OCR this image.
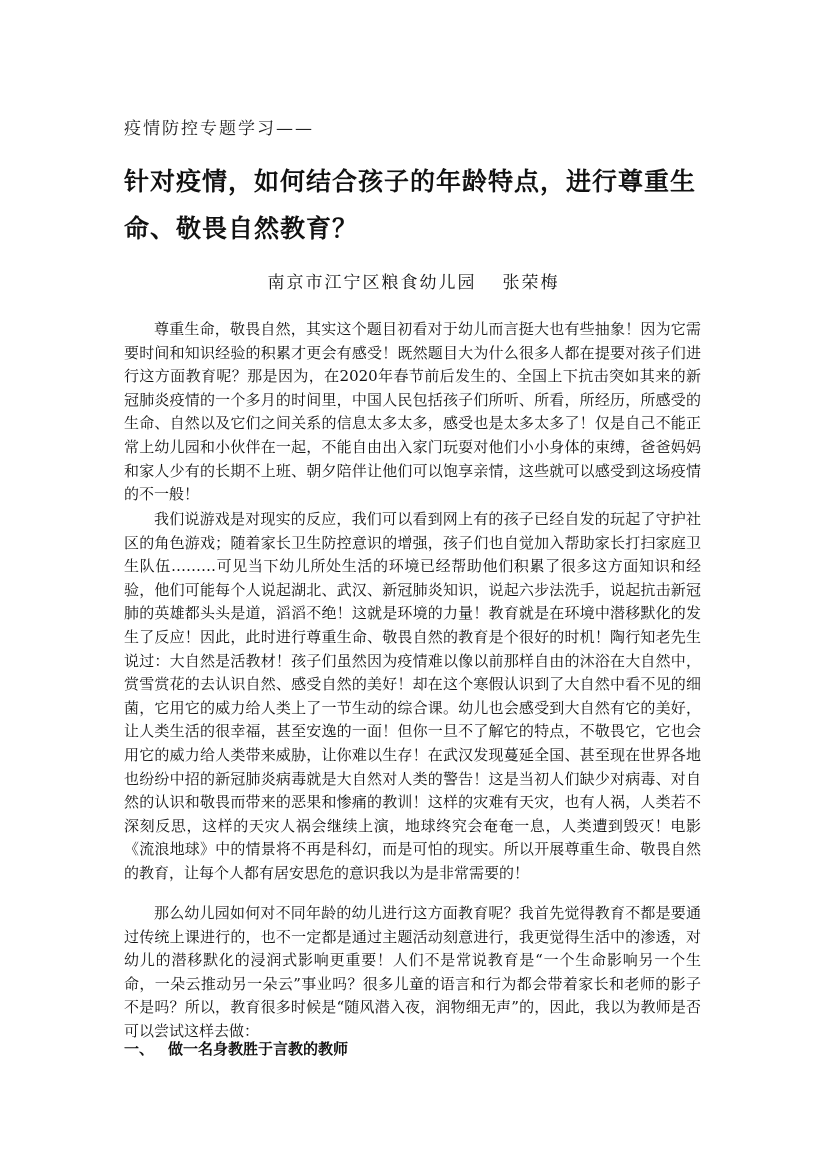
疫情防控专题学习——
针对疫情，如何结合孩子的年龄特点，进行尊重生命、敬畏自然教育？
南京市江宁区粮食幼儿园 张荣梅
尊重生命，敬畏自然，其实这个题目初看对于幼儿而言挺大也有些抽象！因为它需要时间和知识经验的积累才更会有感受！既然题目大为什么很多人都在提要对孩子们进行这方面教育呢？那是因为，在2020年春节前后发生的、全国上下抗击突如其来的新冠肺炎疫情的一个多月的时间里，中国人民包括孩子们所听、所看，所经历，所感受的生命、自然以及它们之间关系的信息太多太多，感受也是太多太多了！仅是自己不能正常上幼儿园和小伙伴在一起，不能自由出入家门玩耍对他们小小身体的束缚，爸爸妈妈和家人少有的长期不上班、朝夕陪伴让他们可以饱享亲情，这些就可以感受到这场疫情的不一般！
我们说游戏是对现实的反应，我们可以看到网上有的孩子已经自发的玩起了守护社区的角色游戏；随着家长卫生防控意识的增强，孩子们也自觉加入帮助家长打扫家庭卫生队伍………可见当下幼儿所处生活的环境已经帮助他们积累了很多这方面知识和经验，他们可能每个人说起湖北、武汉、新冠肺炎知识，说起六步法洗手，说起抗击新冠肺的英雄都头头是道，滔滔不绝！这就是环境的力量！教育就是在环境中潜移默化的发生了反应！因此，此时进行尊重生命、敬畏自然的教育是个很好的时机！陶行知老先生说过：大自然是活教材！孩子们虽然因为疫情难以像以前那样自由的沐浴在大自然中，赏雪赏花的去认识自然、感受自然的美好！却在这个寒假认识到了大自然中看不见的细菌，它用它的威力给人类上了一节生动的综合课。幼儿也会感受到大自然有它的美好，让人类生活的很幸福，甚至安逸的一面！但你一旦不了解它的特点，不敬畏它，它也会用它的威力给人类带来威胁，让你难以生存！在武汉发现蔓延全国、甚至现在世界各地也纷纷中招的新冠肺炎病毒就是大自然对人类的警告！这是当初人们缺少对病毒、对自然的认识和敬畏而带来的恶果和惨痛的教训！这样的灾难有天灾，也有人祸，人类若不深刻反思，这样的天灾人祸会继续上演，地球终究会奄奄一息，人类遭到毁灭！电影《流浪地球》中的情景将不再是科幻，而是可怕的现实。所以开展尊重生命、敬畏自然的教育，让每个人都有居安思危的意识我以为是非常需要的！
那么幼儿园如何对不同年龄的幼儿进行这方面教育呢？我首先觉得教育不都是要通过传统上课进行的，也不一定都是通过主题活动刻意进行，我更觉得生活中的渗透，对幼儿的潜移默化的浸润式影响更重要！人们不是常说教育是“一个生命影响另一个生命，一朵云推动另一朵云”事业吗？很多儿童的语言和行为都会带着家长和老师的影子不是吗？所以，教育很多时候是“随风潜入夜，润物细无声”的，因此，我以为教师是否可以尝试这样去做：
一、 做一名身教胜于言教的教师
